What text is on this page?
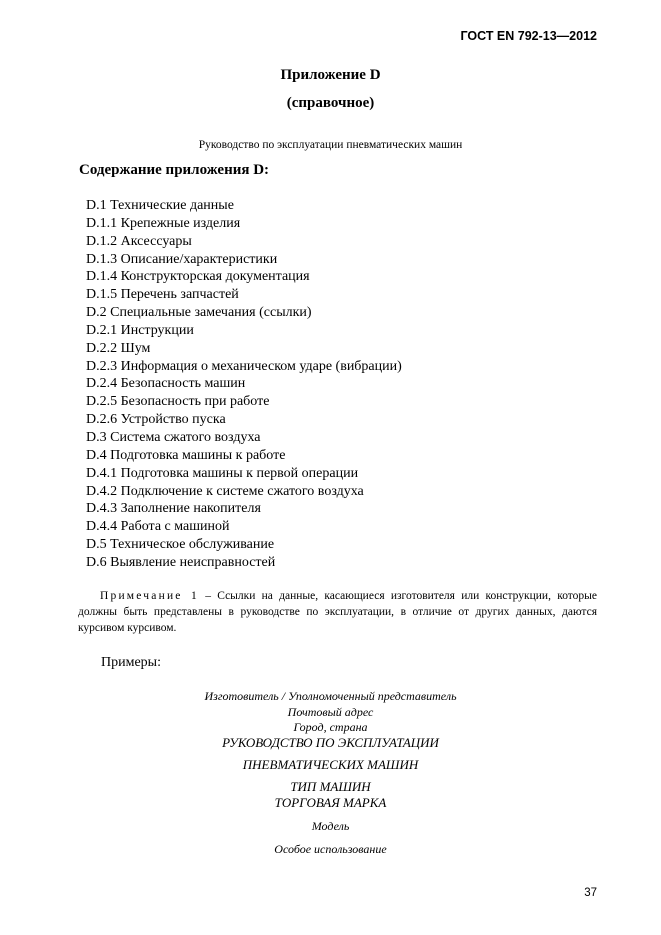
ГОСТ EN 792-13—2012
Приложение D
(справочное)
Руководство по эксплуатации пневматических машин
Содержание приложения D:
D.1 Технические данные
D.1.1 Крепежные изделия
D.1.2 Аксессуары
D.1.3 Описание/характеристики
D.1.4 Конструкторская документация
D.1.5 Перечень запчастей
D.2 Специальные замечания (ссылки)
D.2.1 Инструкции
D.2.2 Шум
D.2.3 Информация о механическом ударе (вибрации)
D.2.4 Безопасность машин
D.2.5 Безопасность при работе
D.2.6 Устройство пуска
D.3 Система сжатого воздуха
D.4 Подготовка машины к работе
D.4.1 Подготовка машины к первой операции
D.4.2 Подключение к системе сжатого воздуха
D.4.3 Заполнение накопителя
D.4.4 Работа с машиной
D.5 Техническое обслуживание
D.6 Выявление неисправностей
Примечание 1 – Ссылки на данные, касающиеся изготовителя или конструкции, которые должны быть представлены в руководстве по эксплуатации, в отличие от других данных, даются курсивом курсивом.
Примеры:
Изготовитель / Уполномоченный представитель
Почтовый адрес
Город, страна
РУКОВОДСТВО ПО ЭКСПЛУАТАЦИИ
ПНЕВМАТИЧЕСКИХ МАШИН
ТИП МАШИН
ТОРГОВАЯ МАРКА
Модель
Особое использование
37
